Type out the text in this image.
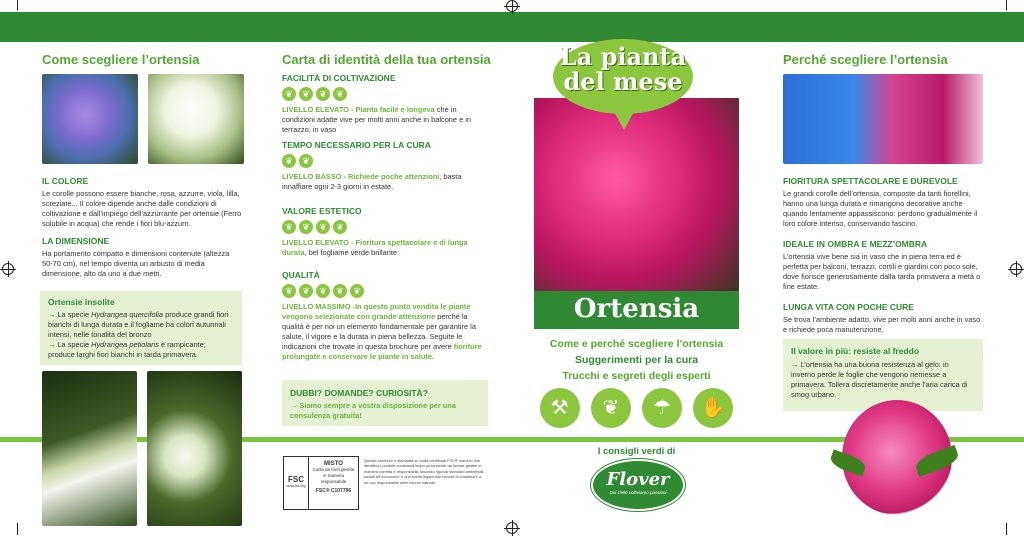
Come scegliere l’ortensia

IL COLORE

Le corolle possono essere bianche, rosa, azzurre, viola, lilla, screziate... Il colore dipende anche dalle condizioni di coltivazione e dall’impiego dell’azzurrante per ortensie (Ferro solubile in acqua) che rende i fiori blu-azzurri.

LA DIMENSIONE

Ha portamento compatto e dimensioni contenute (altezza 50-70 cm), nel tempo diventa un arbusto di media dimensione, alto da uno a due metri.

Ortensie insolite

→ La specie Hydrangea quercifolia produce grandi fiori bianchi di lunga durata e il fogliame ha colori autunnali intensi, nelle tonalità del bronzo

→ La specie Hydrangea petiolaris è rampicante; produce larghi fiori bianchi in tarda primavera.

Carta di identità della tua ortensia

FACILITÀ DI COLTIVAZIONE

❦	❦	❦	❦

LIVELLO ELEVATO - Pianta facile e longeva che in condizioni adatte vive per molti anni anche in balcone e in terrazzo, in vaso

TEMPO NECESSARIO PER LA CURA

❦	❦

LIVELLO BASSO - Richiede poche attenzioni, basta innaffiare ogni 2-3 giorni in estate.

VALORE ESTETICO

❦	❦	❦	❦

LIVELLO ELEVATO - Fioritura spettacolare e di lunga durata, bel fogliame verde brillante

QUALITÀ

❦	❦	❦	❦	❦

LIVELLO MASSIMO -In questo punto vendita le piante vengono selezionate con grande attenzione perché la qualità è per noi un elemento fondamentale per garantire la salute, il vigore e la durata in piena bellezza. Seguite le indicazioni che trovate in questa brochure per avere fioriture prolungate e conservare le piante in salute.

DUBBI? DOMANDE? CURIOSITÀ?
→ Siamo sempre a vostra disposizione per una consulenza gratuita!
FSC
www.fsc.org
MISTO
Carta da fonti gestite in maniera responsabile
FSC® C107796

Questa brochure è stampata su carta certificata FSC® marchio che identifica i prodotti contenenti legno proveniente da foreste gestite in maniera corretta e responsabile secondo rigorosi standard ambientali, sociali ed economici: è una scelta legata alla volontà di contribuire a un uso responsabile delle risorse naturali.

La pianta
del mese
Ortensia
Come e perché scegliere l’ortensia
Suggerimenti per la cura
Trucchi e segreti degli esperti
⚒	❦	☂	✋
I consigli verdi di
Flover
Dal 1980 coltiviamo passioni
Perché scegliere l’ortensia

FIORITURA SPETTACOLARE E DUREVOLE

Le grandi corolle dell’ortensia, composte da tanti fiorellini, hanno una lunga durata e rimangono decorative anche quando lentamente appassiscono: perdono gradualmente il loro colore intenso, conservando fascino.

IDEALE IN OMBRA E MEZZ’OMBRA

L’ortensia vive bene sia in vaso che in piena terra ed è perfetta per balconi, terrazzi, cortili e giardini con poco sole, dove fiorisce generosamente dalla tarda primavera a metà o fine estate.

LUNGA VITA CON POCHE CURE

Se trova l’ambiente adatto, vive per molti anni anche in vaso e richiede poca manutenzione.

Il valore in più: resiste al freddo

→ L’ortensia ha una buona resistenza al gelo: in inverno perde le foglie che vengono riemesse a primavera. Tollera discretamente anche l’aria carica di smog urbano.
